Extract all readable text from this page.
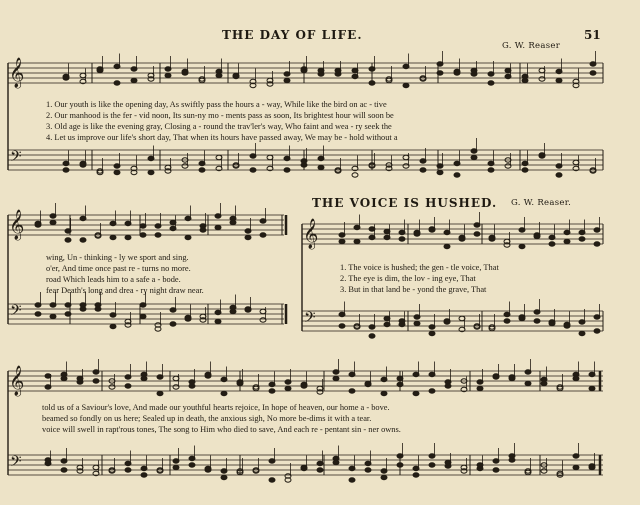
𝄞
𝄢
𝄞
𝄢
𝄞
𝄢
𝄞
𝄢
THE DAY OF LIFE.
G. W. Reaser
51
1. Our youth is like the opening day, As swiftly pass the hours a - way, While like the bird on ac - tive
2. Our manhood is the fer - vid noon, Its sun-ny mo - ments pass as soon, Its brightest hour will soon be
3. Old age is like the evening gray, Closing a - round the trav'ler's way, Who faint and wea - ry seek the
4. Let us improve our life's short day, That when its hours have passed away, We may be - hold without a
wing, Un - thinking - ly we sport and sing.
o'er, And time once past re - turns no more.
road Which leads him to a safe a - bode.
fear Death's long and drea - ry night draw near.
THE VOICE IS HUSHED. G. W. Reaser.
1. The voice is hushed; the gen - tle voice, That
2. The eye is dim, the lov - ing eye, That
3. But in that land be - yond the grave, That
told us of a Saviour's love, And made our youthful hearts rejoice, In hope of heaven, our home a - bove.
beamed so fondly on us here; Sealed up in death, the anxious sigh, No more be-dims it with a tear.
voice will swell in rapt'rous tones, The song to Him who died to save, And each re - pentant sin - ner owns.
